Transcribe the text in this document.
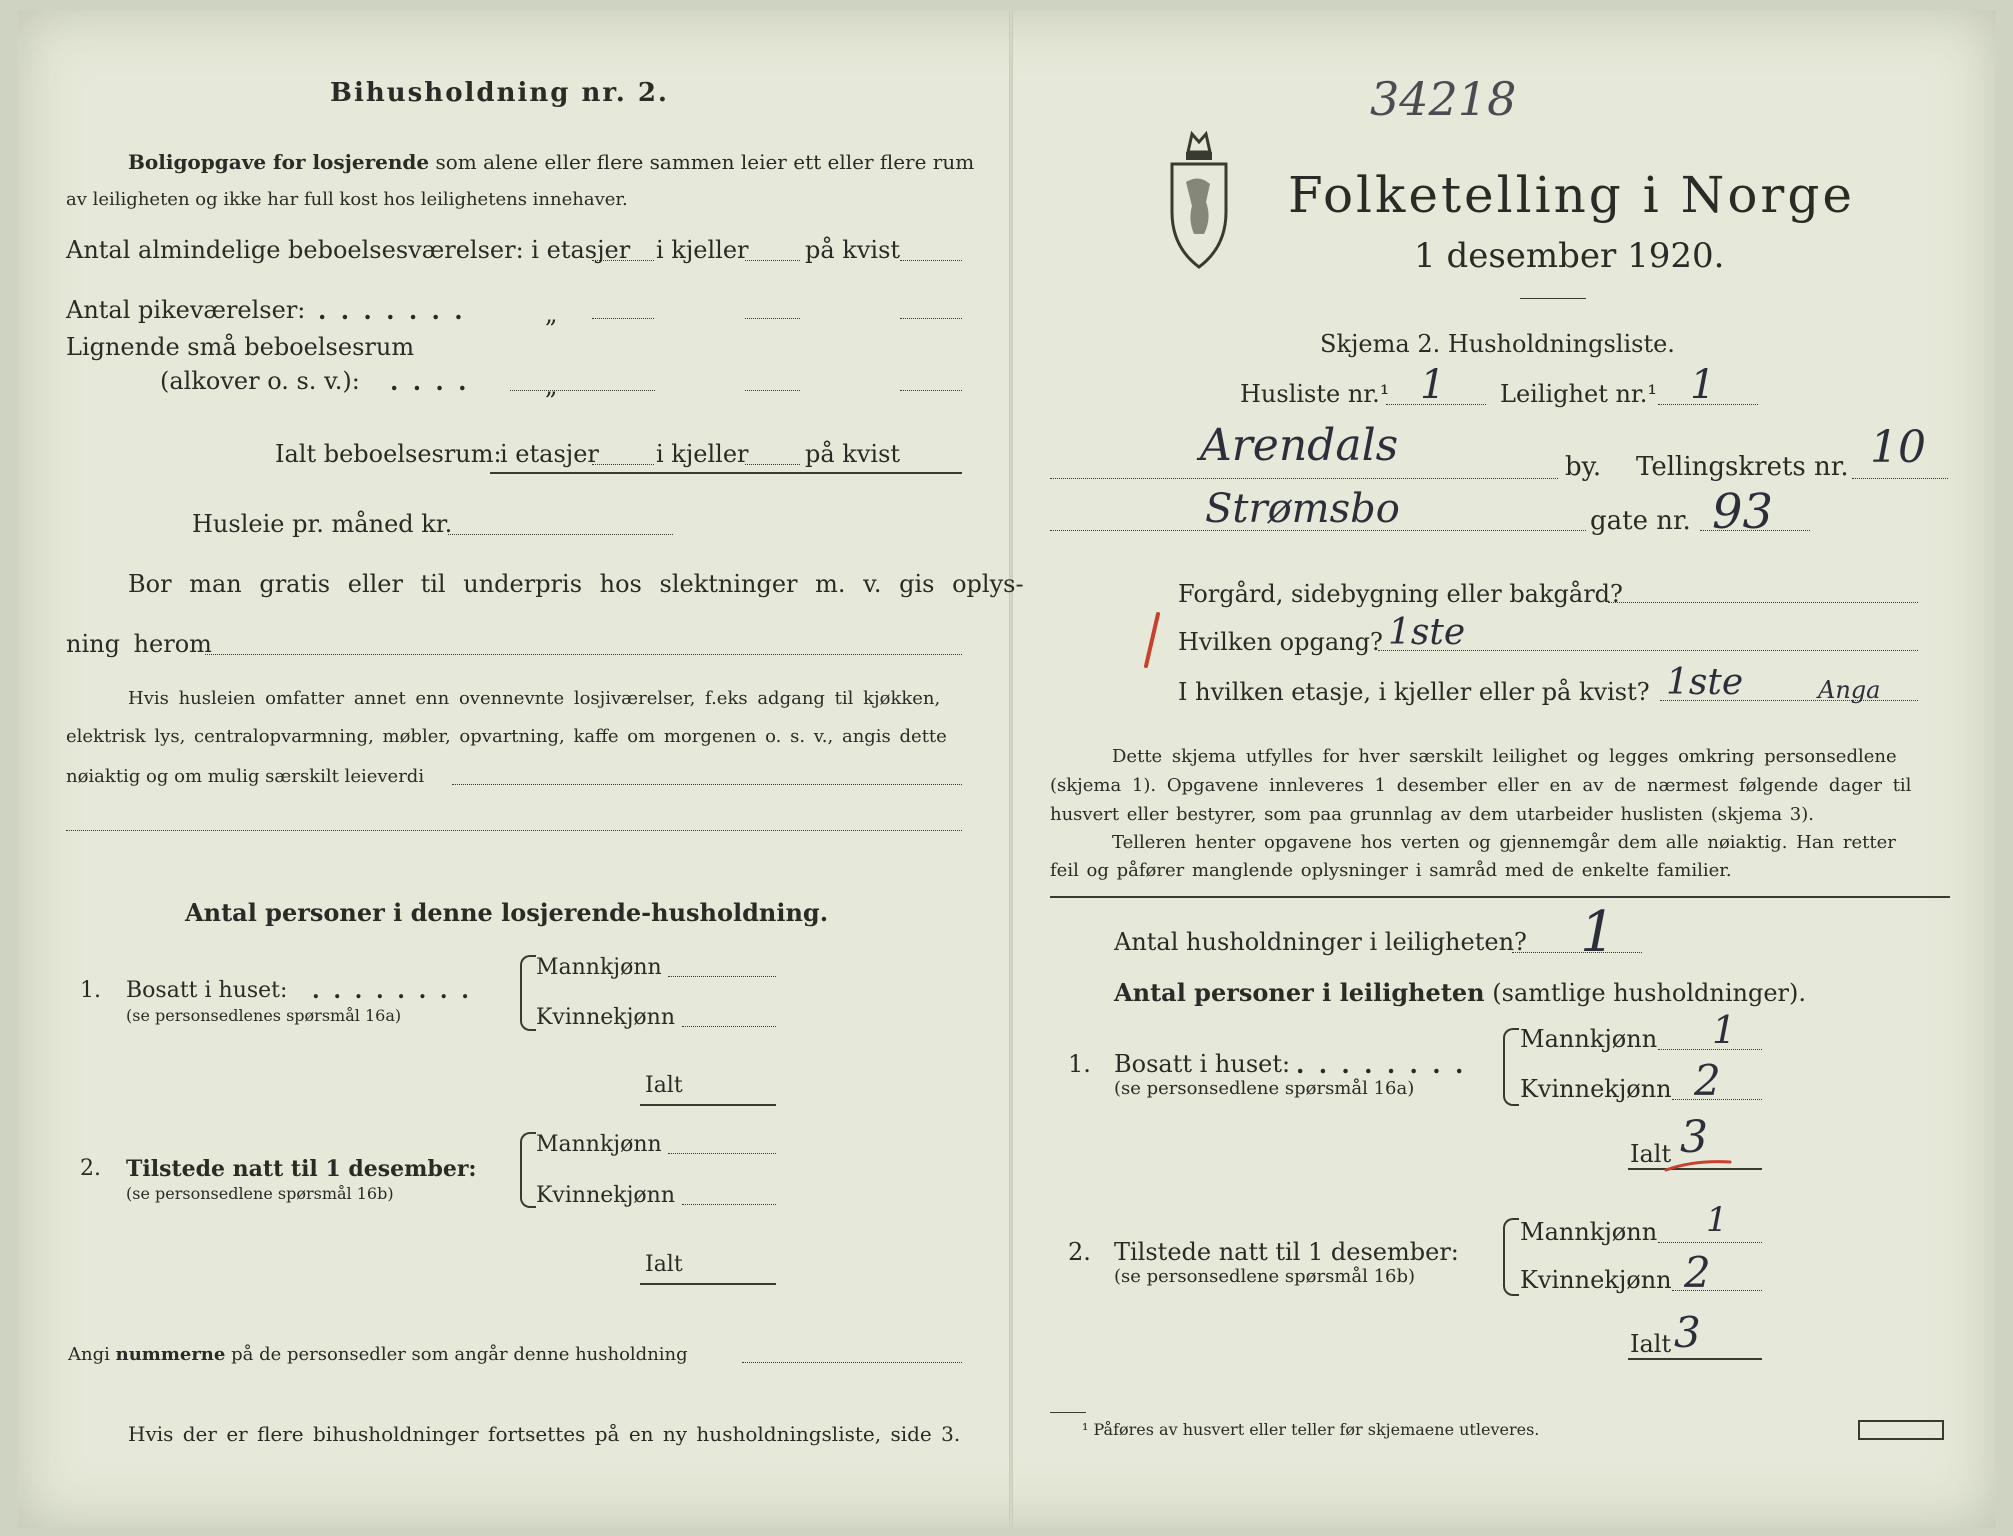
Bihusholdning nr. 2.
Boligopgave for losjerende som alene eller flere sammen leier ett eller flere rum
av leiligheten og ikke har full kost hos leilighetens innehaver.
Antal almindelige beboelsesværelser: i etasjer i kjeller på kvist
Antal pikeværelser: . . . . . . .	„
Lignende små beboelsesrum
(alkover o. s. v.): . . . .	„
Ialt beboelsesrum:
i etasjer i kjeller på kvist
Husleie pr. måned kr.
Bor man gratis eller til underpris hos slektninger m. v. gis oplys-
ning herom
Hvis husleien omfatter annet enn ovennevnte losjiværelser, f.eks adgang til kjøkken,
elektrisk lys, centralopvarmning, møbler, opvartning, kaffe om morgenen o. s. v., angis dette
nøiaktig og om mulig særskilt leieverdi
Antal personer i denne losjerende-husholdning.
1. Bosatt i huset: . . . . . . . .
(se personsedlenes spørsmål 16a)
Mannkjønn
Kvinnekjønn
Ialt
2. Tilstede natt til 1 desember:
(se personsedlene spørsmål 16b)
Mannkjønn
Kvinnekjønn
Ialt
Angi nummerne på de personsedler som angår denne husholdning
Hvis der er flere bihusholdninger fortsettes på en ny husholdningsliste, side 3.
34218
Folketelling i Norge
1 desember 1920.
Skjema 2. Husholdningsliste.
Husliste nr.¹ 1 Leilighet nr.¹ 1
Arendals	by. Tellingskrets nr. 10
Strømsbo	gate nr. 93
Forgård, sidebygning eller bakgård?
Hvilken opgang? 1ste
I hvilken etasje, i kjeller eller på kvist? 1ste	Anga
Dette skjema utfylles for hver særskilt leilighet og legges omkring personsedlene
(skjema 1). Opgavene innleveres 1 desember eller en av de nærmest følgende dager til
husvert eller bestyrer, som paa grunnlag av dem utarbeider huslisten (skjema 3).
Telleren henter opgavene hos verten og gjennemgår dem alle nøiaktig. Han retter
feil og påfører manglende oplysninger i samråd med de enkelte familier.
Antal husholdninger i leiligheten? 1
Antal personer i leiligheten (samtlige husholdninger).
1. Bosatt i huset: . . . . . . . .
(se personsedlene spørsmål 16a)
Mannkjønn 1
Kvinnekjønn 2
Ialt 3
2. Tilstede natt til 1 desember:
(se personsedlene spørsmål 16b)
Mannkjønn 1
Kvinnekjønn 2
Ialt 3
¹ Påføres av husvert eller teller før skjemaene utleveres.
